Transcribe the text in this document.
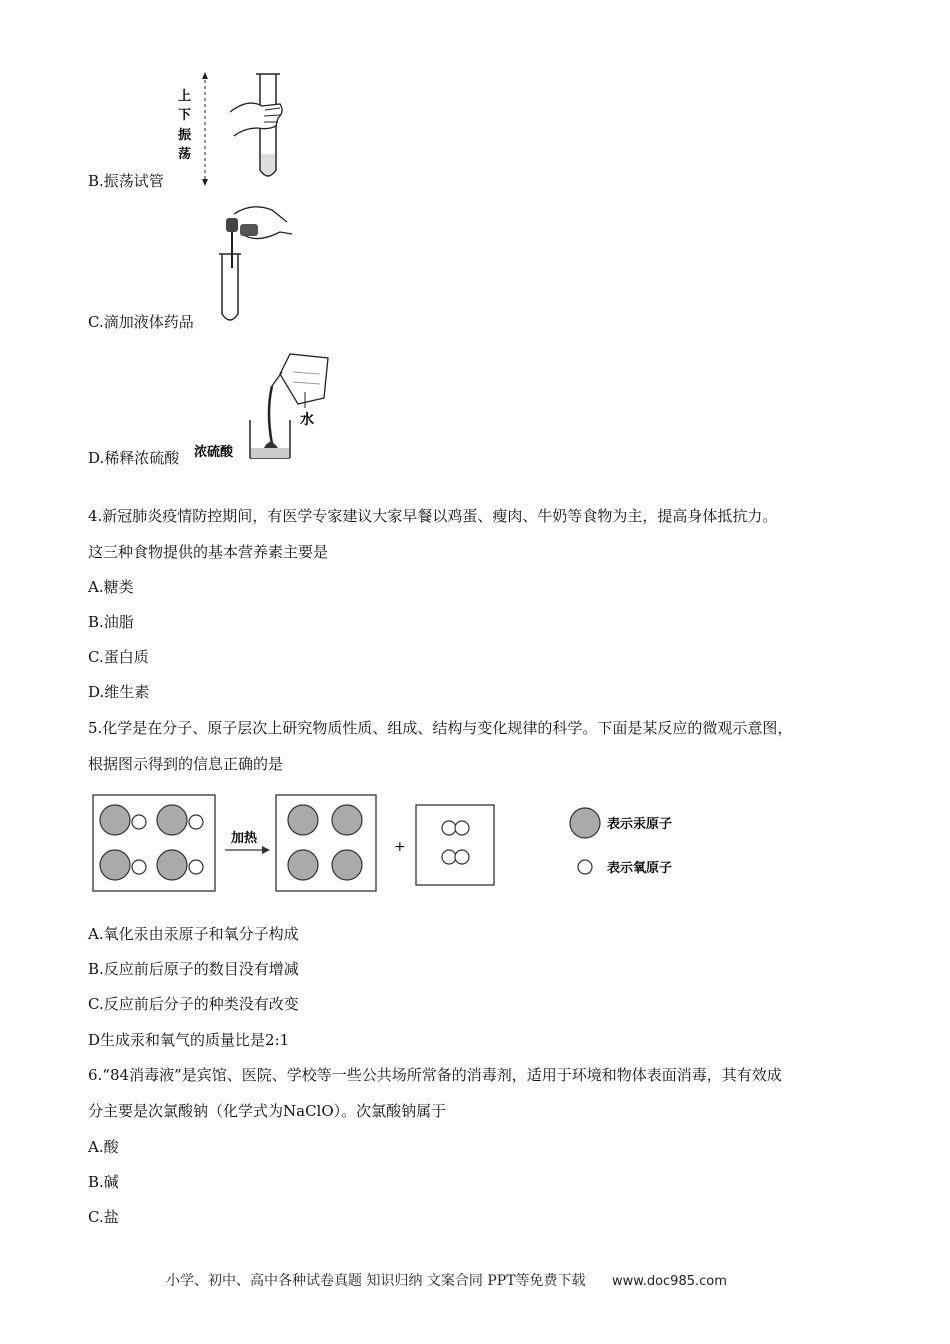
上
下
振
荡
B.振荡试管
C.滴加液体药品
水
浓硫酸
D.稀释浓硫酸
4.新冠肺炎疫情防控期间，有医学专家建议大家早餐以鸡蛋、瘦肉、牛奶等食物为主，提高身体抵抗力。
这三种食物提供的基本营养素主要是
A.糖类
B.油脂
C.蛋白质
D.维生素
5.化学是在分子、原子层次上研究物质性质、组成、结构与变化规律的科学。下面是某反应的微观示意图，
根据图示得到的信息正确的是
加热
+
表示汞原子
表示氧原子
A.氧化汞由汞原子和氧分子构成
B.反应前后原子的数目没有增减
C.反应前后分子的种类没有改变
D生成汞和氧气的质量比是2:1
6.“84消毒液”是宾馆、医院、学校等一些公共场所常备的消毒剂，适用于环境和物体表面消毒，其有效成
分主要是次氯酸钠（化学式为NaClO）。次氯酸钠属于
A.酸
B.碱
C.盐
小学、初中、高中各种试卷真题 知识归纳 文案合同 PPT等免费下载 www.doc985.com
